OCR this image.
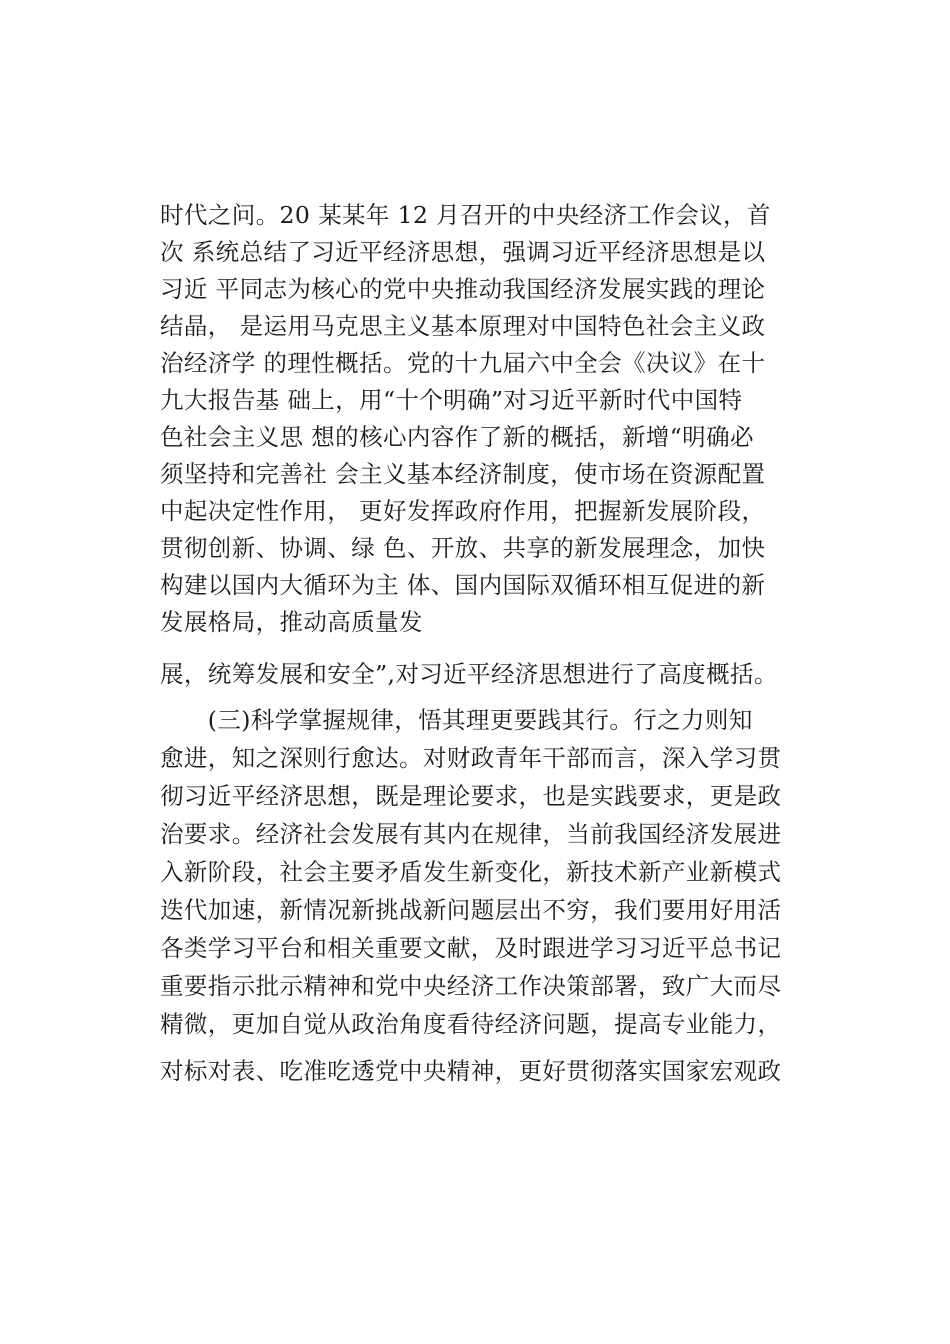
时代之问。20 某某年 12 月召开的中央经济工作会议，首
次 系统总结了习近平经济思想，强调习近平经济思想是以
习近 平同志为核心的党中央推动我国经济发展实践的理论
结晶， 是运用马克思主义基本原理对中国特色社会主义政
治经济学 的理性概括。党的十九届六中全会《决议》在十
九大报告基 础上，用“十个明确”对习近平新时代中国特
色社会主义思 想的核心内容作了新的概括，新增“明确必
须坚持和完善社 会主义基本经济制度，使市场在资源配置
中起决定性作用， 更好发挥政府作用，把握新发展阶段，
贯彻创新、协调、绿 色、开放、共享的新发展理念，加快
构建以国内大循环为主 体、国内国际双循环相互促进的新
发展格局，推动高质量发
展，统筹发展和安全”,对习近平经济思想进行了高度概括。
　　(三)科学掌握规律，悟其理更要践其行。行之力则知
愈进，知之深则行愈达。对财政青年干部而言，深入学习贯
彻习近平经济思想，既是理论要求，也是实践要求，更是政
治要求。经济社会发展有其内在规律，当前我国经济发展进
入新阶段，社会主要矛盾发生新变化，新技术新产业新模式
迭代加速，新情况新挑战新问题层出不穷，我们要用好用活
各类学习平台和相关重要文献，及时跟进学习习近平总书记
重要指示批示精神和党中央经济工作决策部署，致广大而尽
精微，更加自觉从政治角度看待经济问题，提高专业能力，
对标对表、吃准吃透党中央精神，更好贯彻落实国家宏观政
